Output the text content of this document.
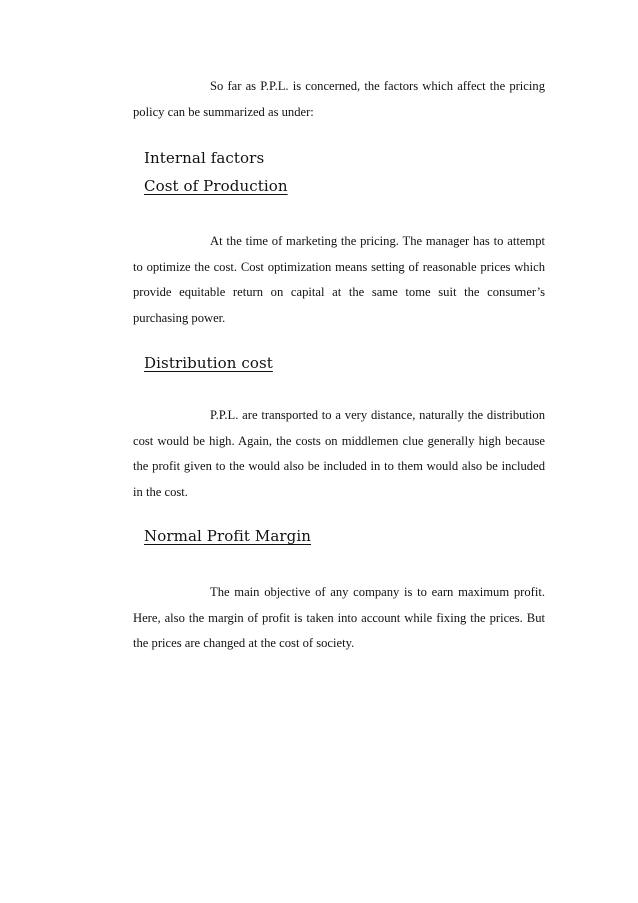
So far as P.P.L. is concerned, the factors which affect the pricing policy can be summarized as under:

Internal factors
Cost of Production

At the time of marketing the pricing. The manager has to attempt to optimize the cost. Cost optimization means setting of reasonable prices which provide equitable return on capital at the same tome suit the consumer’s purchasing power.

Distribution cost

P.P.L. are transported to a very distance, naturally the distribution cost would be high. Again, the costs on middlemen clue generally high because the profit given to the would also be included in to them would also be included in the cost.

Normal Profit Margin

The main objective of any company is to earn maximum profit. Here, also the margin of profit is taken into account while fixing the prices. But the prices are changed at the cost of society.
